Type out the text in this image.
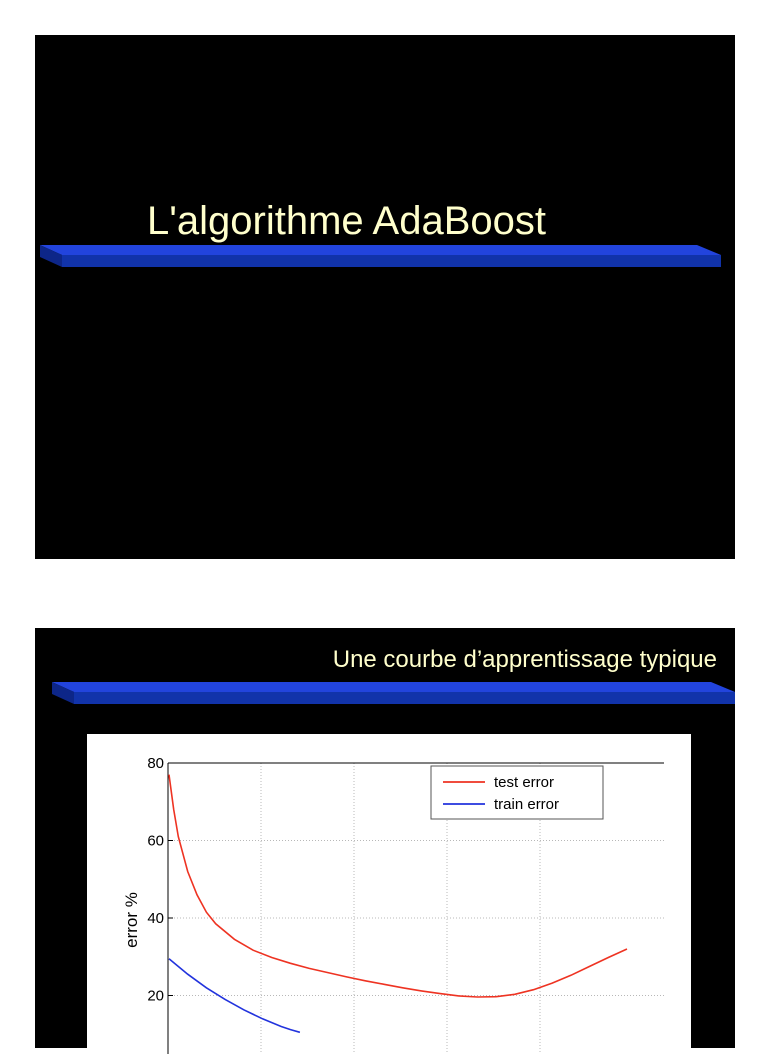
L'algorithme AdaBoost
Une courbe d’apprentissage typique
20
40
60
80
error %
test error
train error
